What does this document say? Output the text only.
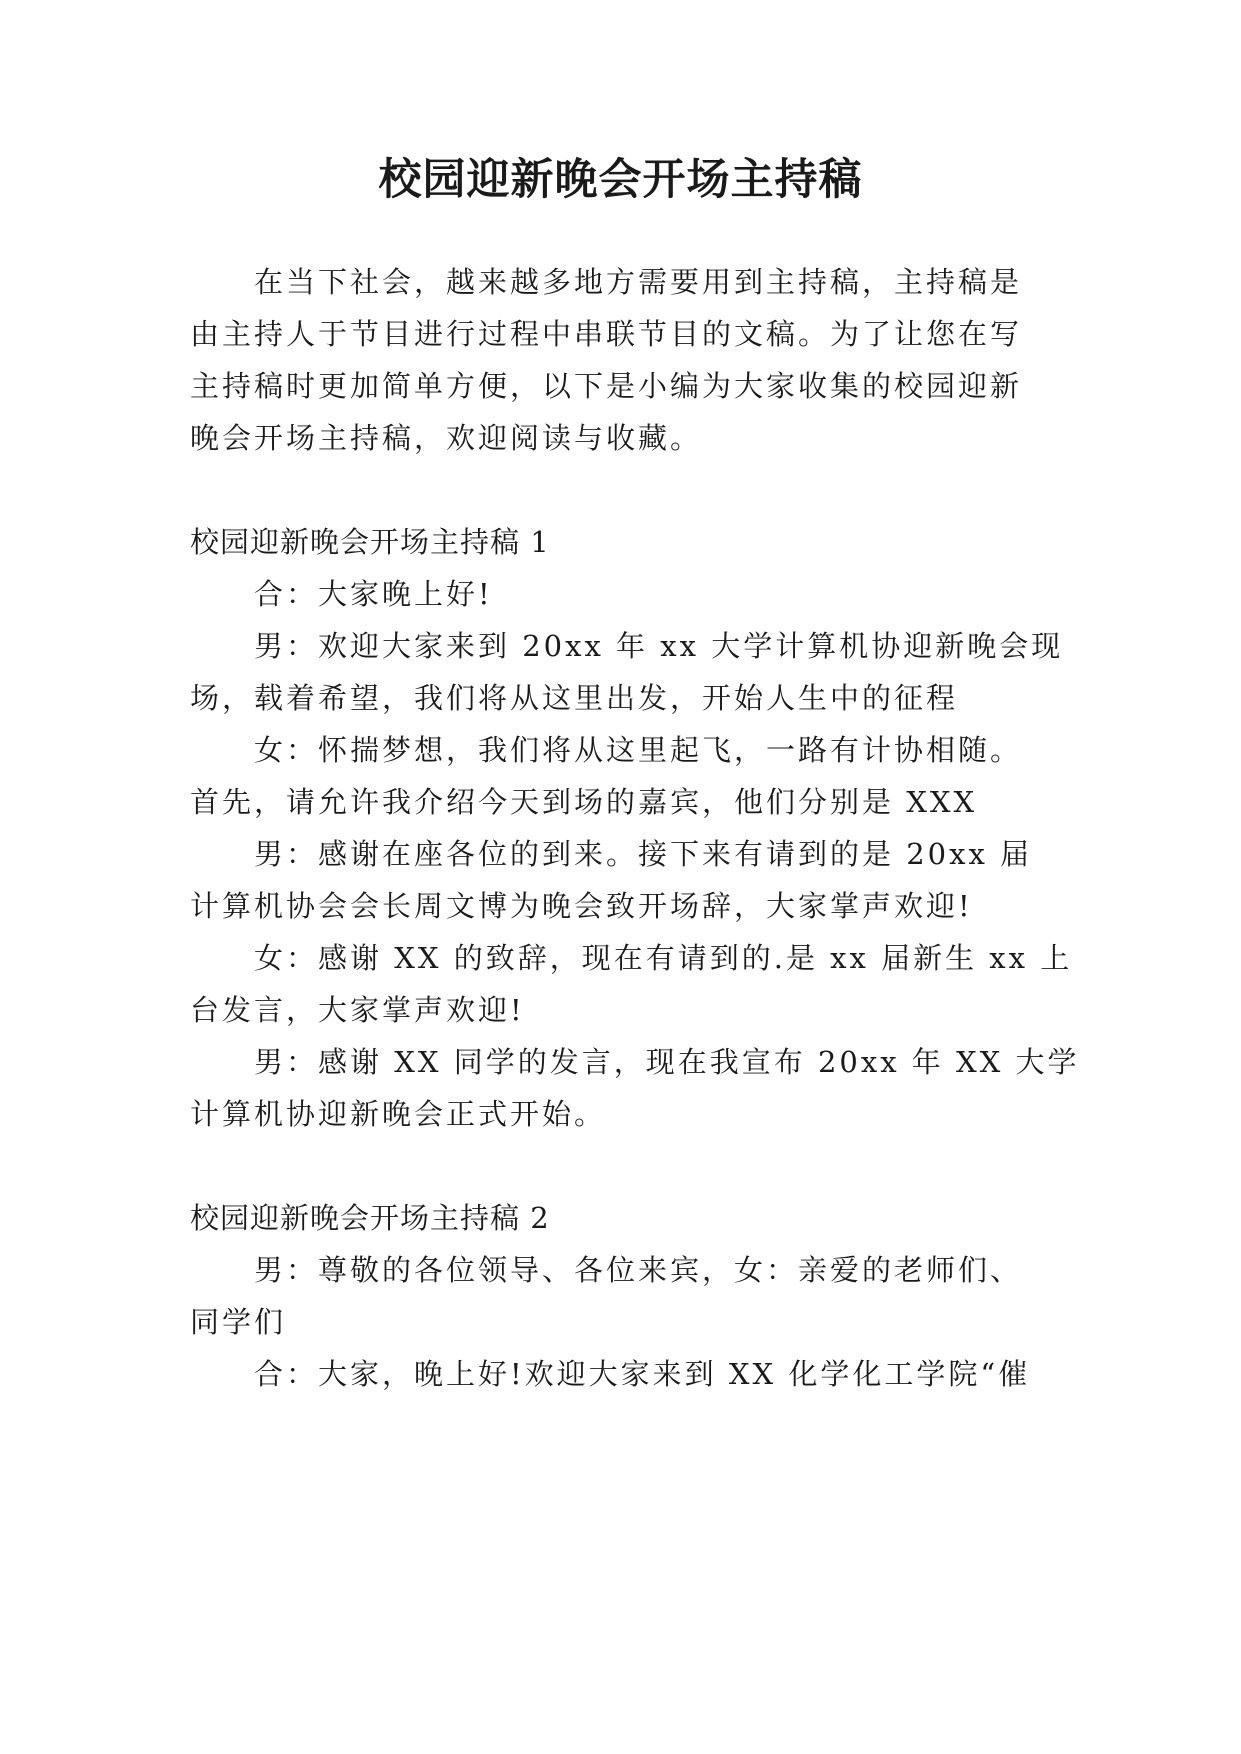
校园迎新晚会开场主持稿

在当下社会，越来越多地方需要用到主持稿，主持稿是

由主持人于节目进行过程中串联节目的文稿。为了让您在写

主持稿时更加简单方便，以下是小编为大家收集的校园迎新

晚会开场主持稿，欢迎阅读与收藏。

校园迎新晚会开场主持稿 1

合：大家晚上好!

男：欢迎大家来到 20xx 年 xx 大学计算机协迎新晚会现

场，载着希望，我们将从这里出发，开始人生中的征程

女：怀揣梦想，我们将从这里起飞，一路有计协相随。

首先，请允许我介绍今天到场的嘉宾，他们分别是 XXX

男：感谢在座各位的到来。接下来有请到的是 20xx 届

计算机协会会长周文博为晚会致开场辞，大家掌声欢迎!

女：感谢 XX 的致辞，现在有请到的.是 xx 届新生 xx 上

台发言，大家掌声欢迎!

男：感谢 XX 同学的发言，现在我宣布 20xx 年 XX 大学

计算机协迎新晚会正式开始。

校园迎新晚会开场主持稿 2

男：尊敬的各位领导、各位来宾，女：亲爱的老师们、

同学们

合：大家，晚上好!欢迎大家来到 XX 化学化工学院“催
